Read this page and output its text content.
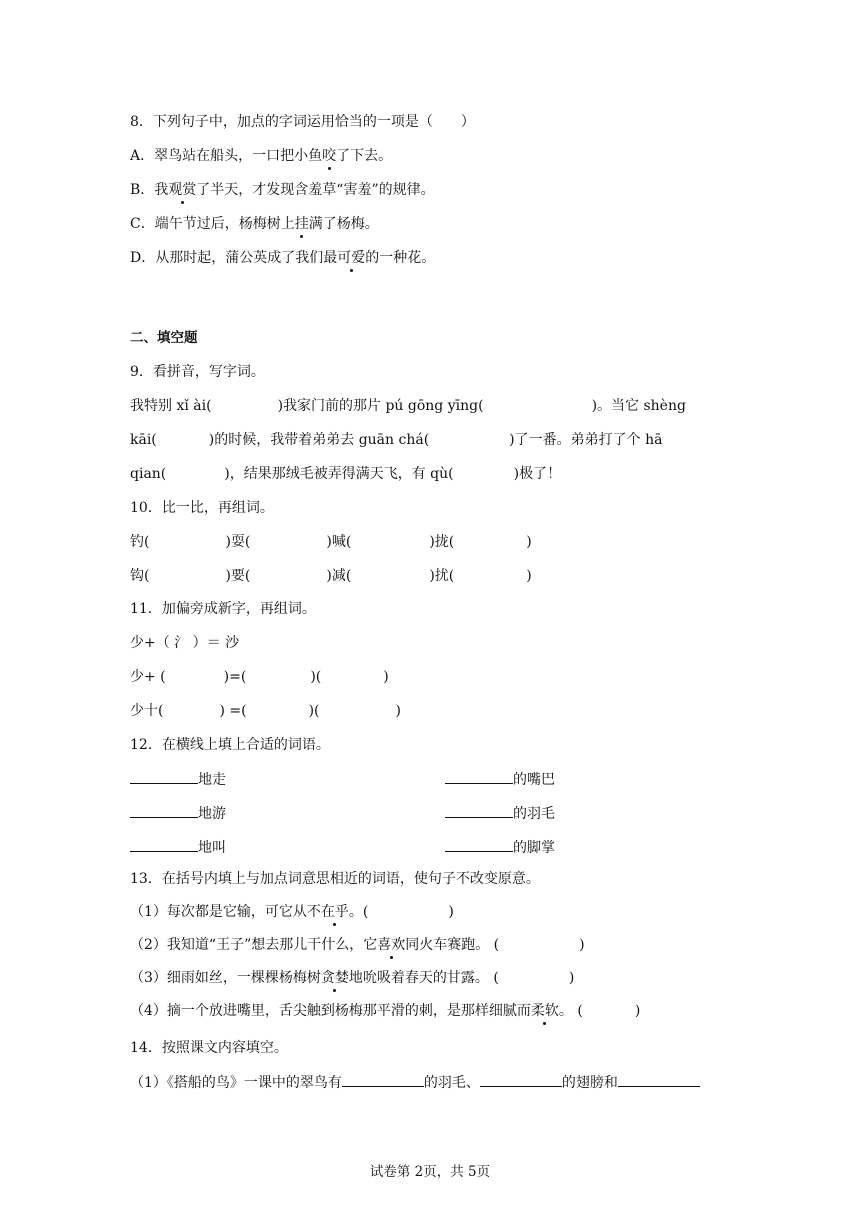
8．下列句子中，加点的字词运用恰当的一项是（　　）
A．翠鸟站在船头，一口把小鱼咬了下去。
B．我观赏了半天，才发现含羞草“害羞”的规律。
C．端午节过后，杨梅树上挂满了杨梅。
D．从那时起，蒲公英成了我们最可爱的一种花。
二、填空题
9．看拼音，写字词。
我特别 xǐ ài(	)我家门前的那片 pú gōng yīng(	)。当它 shèng
kāi(	)的时候，我带着弟弟去 guān chá(	)了一番。弟弟打了个 hā
qian(	)，结果那绒毛被弄得满天飞，有 qù(	)极了！
10．比一比，再组词。
钓(	)耍(	)喊(	)拢(	)
钩(	)要(	)减(	)扰(	)
11．加偏旁成新字，再组词。
少+（ 氵 ）＝ 沙
少+ (	)=(	)(	)
少十(	) =(	)(	)
12．在横线上填上合适的词语。
地走	的嘴巴
地游	的羽毛
地叫	的脚掌
13．在括号内填上与加点词意思相近的词语，使句子不改变原意。
（1）每次都是它输，可它从不在乎。(	)
（2）我知道“王子”想去那儿干什么，它喜欢同火车赛跑。 (	)
（3）细雨如丝，一棵棵杨梅树贪婪地吮吸着春天的甘露。 (	)
（4）摘一个放进嘴里，舌尖触到杨梅那平滑的刺，是那样细腻而柔软。 (	)
14．按照课文内容填空。
（1）《搭船的鸟》一课中的翠鸟有	的羽毛、	的翅膀和
试卷第 2页，共 5页
